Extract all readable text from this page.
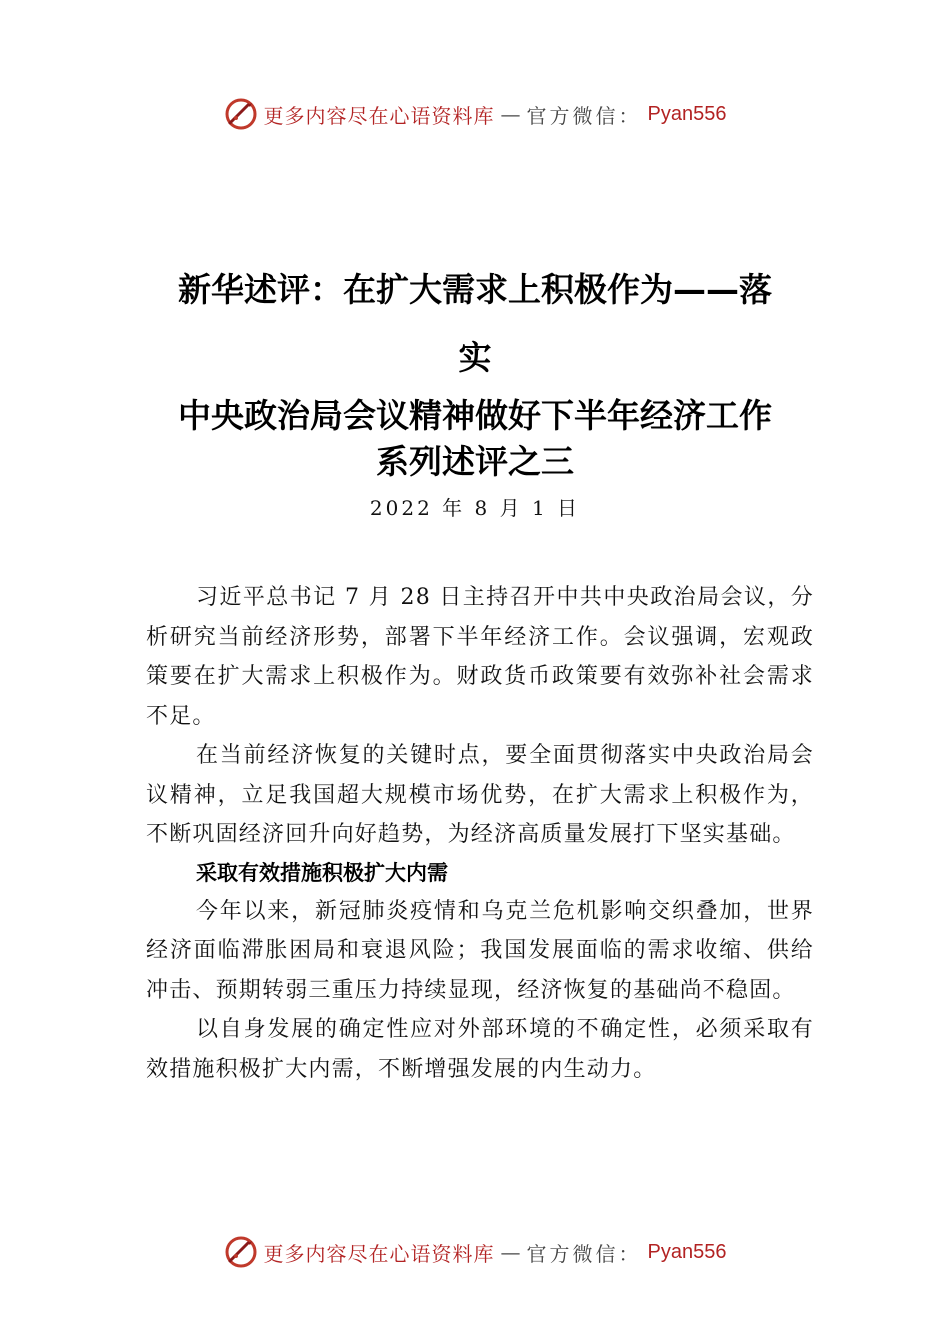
更多内容尽在心语资料库 — 官方微信： Pyan556
新华述评：在扩大需求上积极作为——落
实
中央政治局会议精神做好下半年经济工作
系列述评之三
2022 年 8 月 1 日

习近平总书记 7 月 28 日主持召开中共中央政治局会议，分析研究当前经济形势，部署下半年经济工作。会议强调，宏观政策要在扩大需求上积极作为。财政货币政策要有效弥补社会需求不足。

在当前经济恢复的关键时点，要全面贯彻落实中央政治局会议精神，立足我国超大规模市场优势，在扩大需求上积极作为，不断巩固经济回升向好趋势，为经济高质量发展打下坚实基础。

采取有效措施积极扩大内需

今年以来，新冠肺炎疫情和乌克兰危机影响交织叠加，世界经济面临滞胀困局和衰退风险；我国发展面临的需求收缩、供给冲击、预期转弱三重压力持续显现，经济恢复的基础尚不稳固。

以自身发展的确定性应对外部环境的不确定性，必须采取有效措施积极扩大内需，不断增强发展的内生动力。

更多内容尽在心语资料库 — 官方微信： Pyan556
